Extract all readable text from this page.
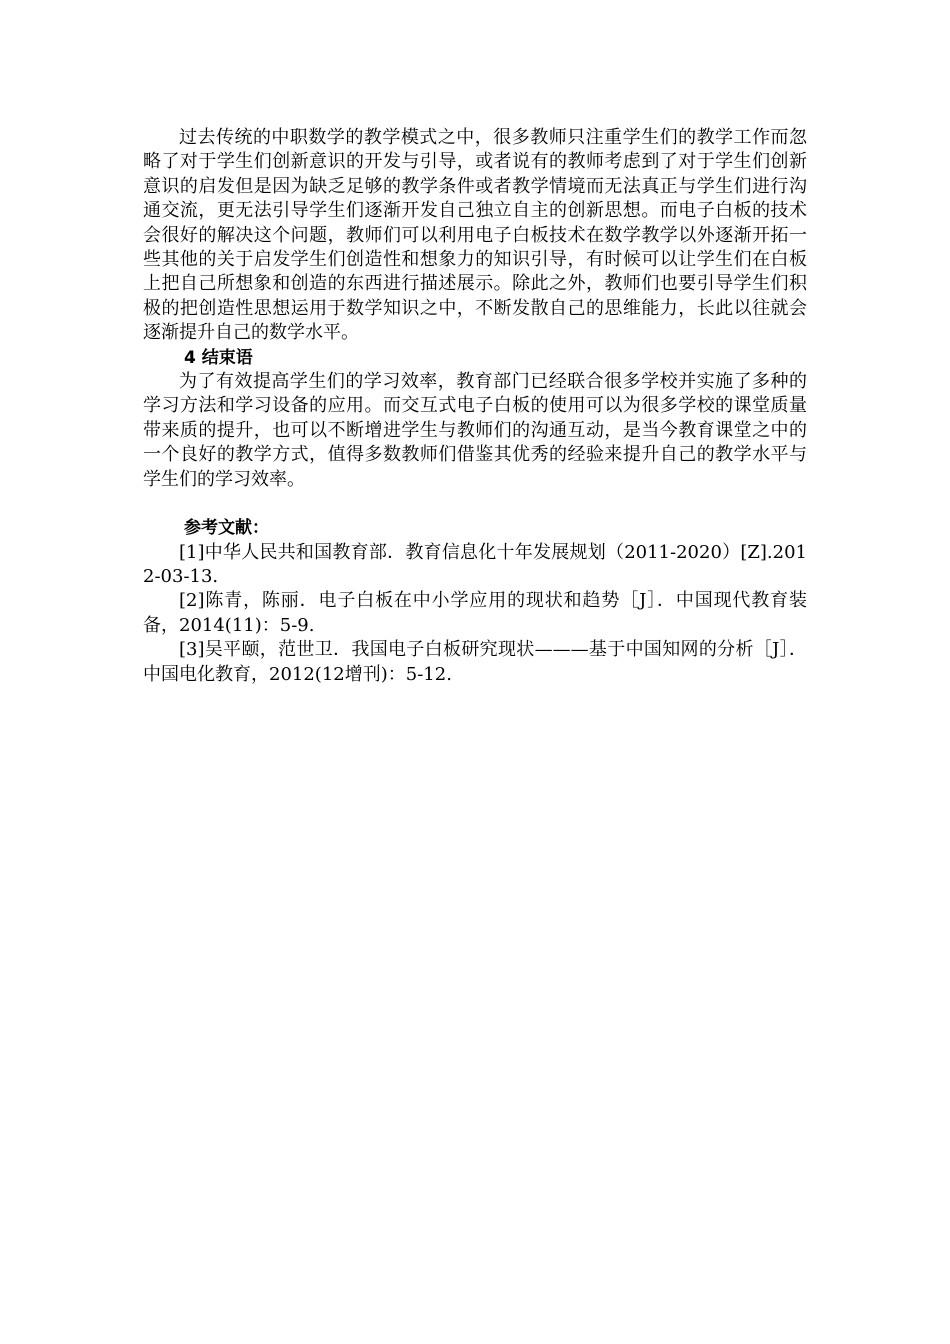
过去传统的中职数学的教学模式之中，很多教师只注重学生们的教学工作而忽略了对于学生们创新意识的开发与引导，或者说有的教师考虑到了对于学生们创新意识的启发但是因为缺乏足够的教学条件或者教学情境而无法真正与学生们进行沟通交流，更无法引导学生们逐渐开发自己独立自主的创新思想。而电子白板的技术会很好的解决这个问题，教师们可以利用电子白板技术在数学教学以外逐渐开拓一些其他的关于启发学生们创造性和想象力的知识引导，有时候可以让学生们在白板上把自己所想象和创造的东西进行描述展示。除此之外，教师们也要引导学生们积极的把创造性思想运用于数学知识之中，不断发散自己的思维能力，长此以往就会逐渐提升自己的数学水平。

4 结束语

为了有效提高学生们的学习效率，教育部门已经联合很多学校并实施了多种的学习方法和学习设备的应用。而交互式电子白板的使用可以为很多学校的课堂质量带来质的提升，也可以不断增进学生与教师们的沟通互动，是当今教育课堂之中的一个良好的教学方式，值得多数教师们借鉴其优秀的经验来提升自己的教学水平与学生们的学习效率。

参考文献：

[1]中华人民共和国教育部．教育信息化十年发展规划（2011-2020）[Z].2012-03-13.

[2]陈青，陈丽．电子白板在中小学应用的现状和趋势［J］．中国现代教育装备，2014(11)：5-9.

[3]吴平颐，范世卫．我国电子白板研究现状———基于中国知网的分析［J］．中国电化教育，2012(12增刊)：5-12.
